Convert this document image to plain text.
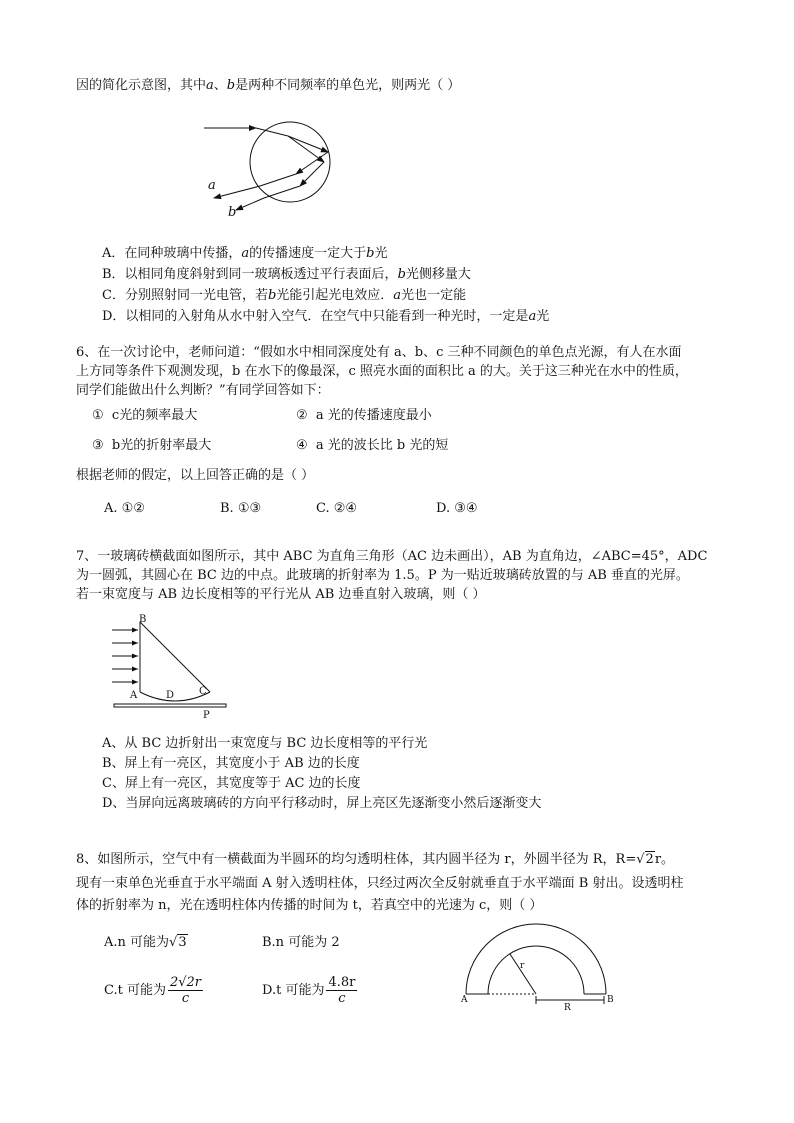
因的简化示意图，其中a、b是两种不同频率的单色光，则两光（ ）
a
b
A．在同种玻璃中传播，a的传播速度一定大于b光
B．以相同角度斜射到同一玻璃板透过平行表面后，b光侧移量大
C．分别照射同一光电管，若b光能引起光电效应．a光也一定能
D．以相同的入射角从水中射入空气．在空气中只能看到一种光时，一定是a光
6、在一次讨论中，老师问道：“假如水中相同深度处有 a、b、c 三种不同颜色的单色点光源，有人在水面
上方同等条件下观测发现，b 在水下的像最深，c 照亮水面的面积比 a 的大。关于这三种光在水中的性质，
同学们能做出什么判断？”有同学回答如下：
① c光的频率最大	② a 光的传播速度最小
③ b光的折射率最大	④ a 光的波长比 b 光的短
根据老师的假定，以上回答正确的是（ ）
A. ①②	B. ①③	C. ②④	D. ③④
7、一玻璃砖横截面如图所示，其中 ABC 为直角三角形（AC 边未画出），AB 为直角边，∠ABC=45°，ADC
为一圆弧，其圆心在 BC 边的中点。此玻璃的折射率为 1.5。P 为一贴近玻璃砖放置的与 AB 垂直的光屏。
若一束宽度与 AB 边长度相等的平行光从 AB 边垂直射入玻璃，则（ ）
B
A	D C
P
A、从 BC 边折射出一束宽度与 BC 边长度相等的平行光
B、屏上有一亮区，其宽度小于 AB 边的长度
C、屏上有一亮区，其宽度等于 AC 边的长度
D、当屏向远离玻璃砖的方向平行移动时，屏上亮区先逐渐变小然后逐渐变大
8、如图所示，空气中有一横截面为半圆环的均匀透明柱体，其内圆半径为 r，外圆半径为 R，R=√2r。
现有一束单色光垂直于水平端面 A 射入透明柱体，只经过两次全反射就垂直于水平端面 B 射出。设透明柱
体的折射率为 n，光在透明柱体内传播的时间为 t，若真空中的光速为 c，则（ ）
A.n 可能为√3	B.n 可能为 2
C.t 可能为 $\frac{2√2r}{c}$	D.t 可能为 $\frac{4.8r}{c}$
r
R
A	B
